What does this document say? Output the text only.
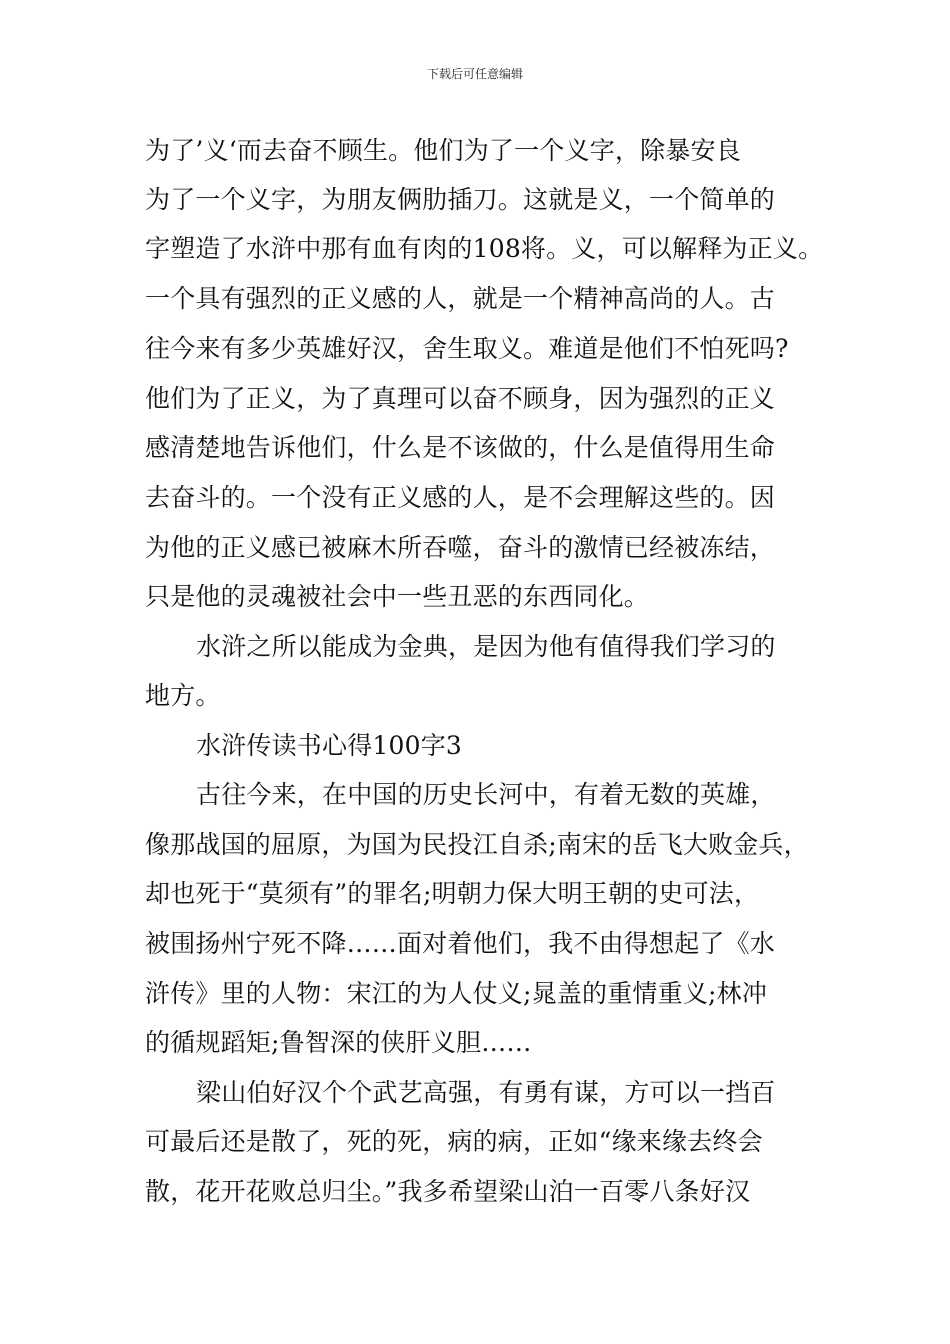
下载后可任意编辑
为了’义‘而去奋不顾生。他们为了一个义字，除暴安良
为了一个义字，为朋友俩肋插刀。这就是义，一个简单的
字塑造了水浒中那有血有肉的108将。义，可以解释为正义。
一个具有强烈的正义感的人，就是一个精神高尚的人。古
往今来有多少英雄好汉，舍生取义。难道是他们不怕死吗?
他们为了正义，为了真理可以奋不顾身，因为强烈的正义
感清楚地告诉他们，什么是不该做的，什么是值得用生命
去奋斗的。一个没有正义感的人，是不会理解这些的。因
为他的正义感已被麻木所吞噬，奋斗的激情已经被冻结，
只是他的灵魂被社会中一些丑恶的东西同化。
水浒之所以能成为金典，是因为他有值得我们学习的
地方。
水浒传读书心得100字3
古往今来，在中国的历史长河中，有着无数的英雄，
像那战国的屈原，为国为民投江自杀;南宋的岳飞大败金兵，
却也死于“莫须有”的罪名;明朝力保大明王朝的史可法，
被围扬州宁死不降……面对着他们，我不由得想起了《水
浒传》里的人物：宋江的为人仗义;晁盖的重情重义;林冲
的循规蹈矩;鲁智深的侠肝义胆……
梁山伯好汉个个武艺高强，有勇有谋，方可以一挡百
可最后还是散了，死的死，病的病，正如“缘来缘去终会
散，花开花败总归尘。”我多希望梁山泊一百零八条好汉
